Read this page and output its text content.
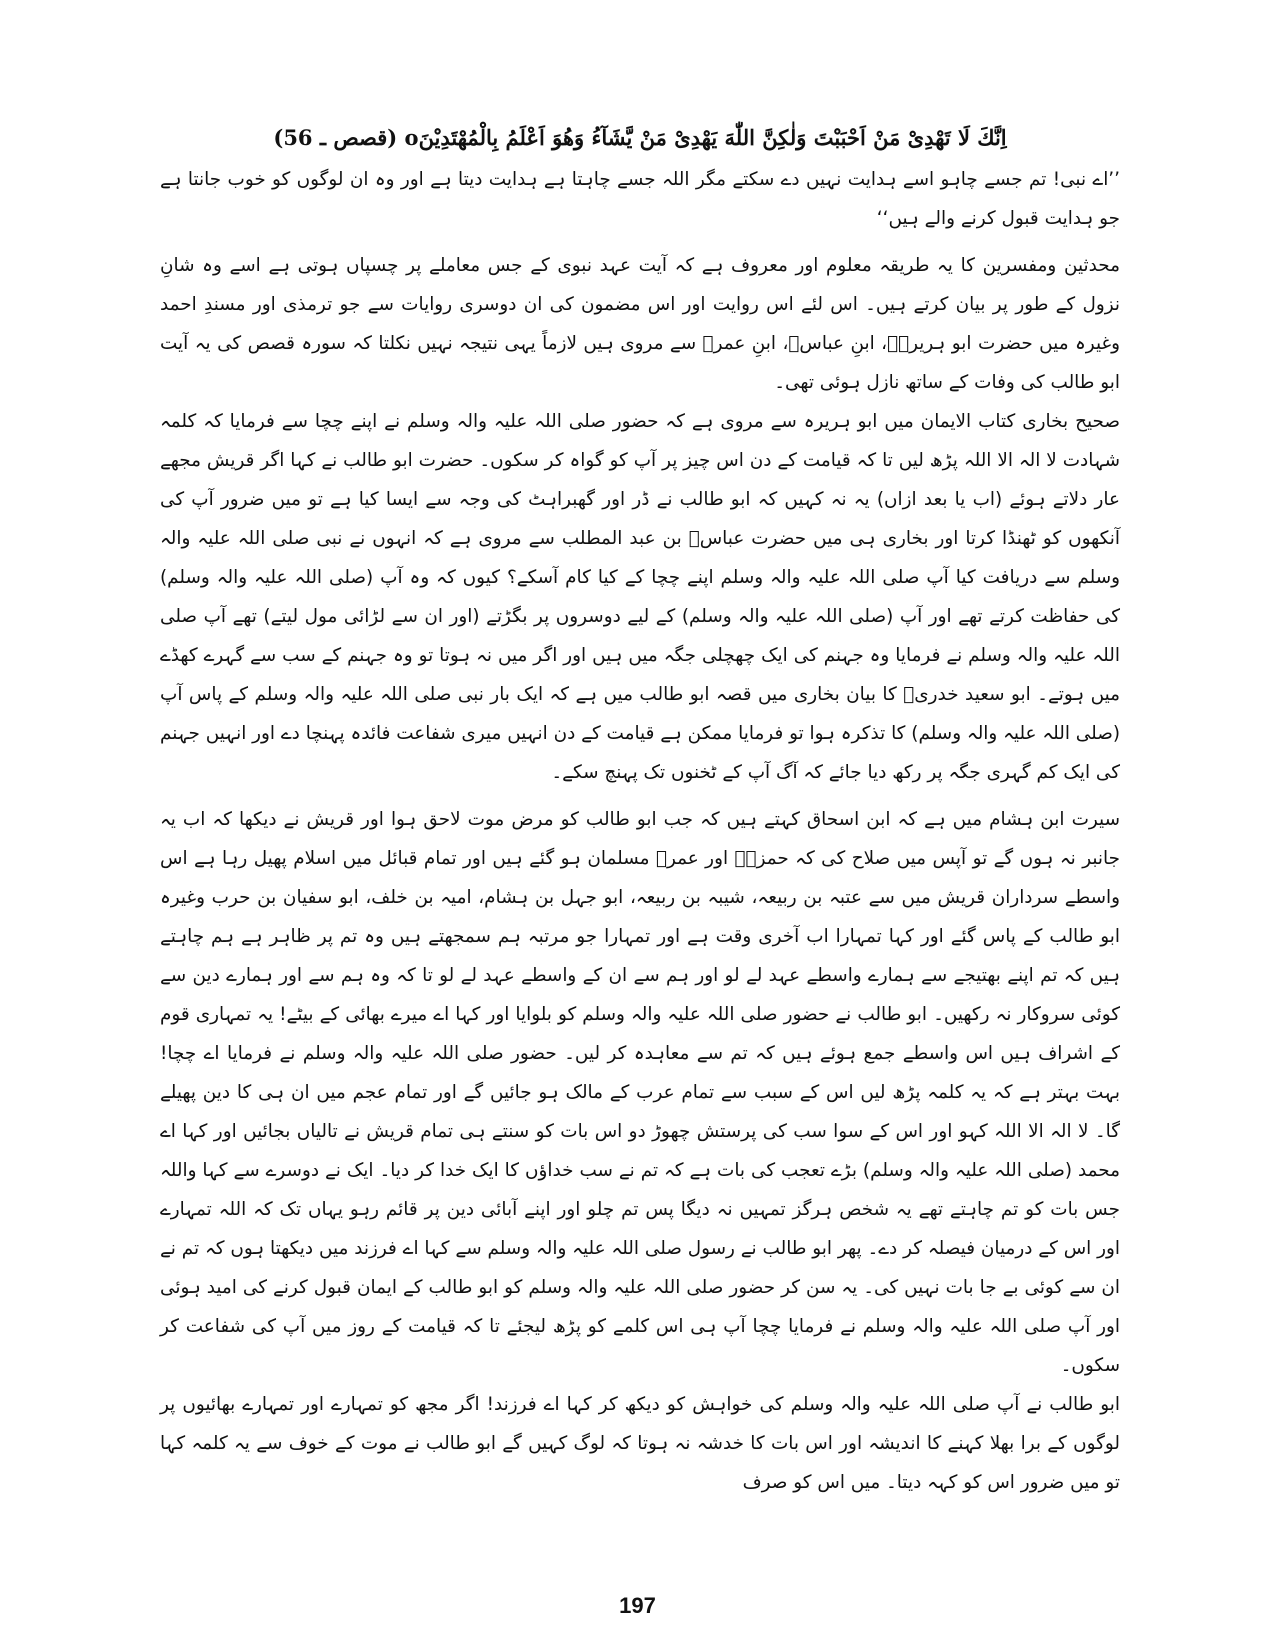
اِنَّكَ لَا تَهْدِىْ مَنْ اَحْبَبْتَ وَلٰكِنَّ اللّٰهَ يَهْدِىْ مَنْ يَّشَآءُ وَهُوَ اَعْلَمُ بِالْمُهْتَدِيْنَo (قصص ـ 56)

’’اے نبی! تم جسے چاہو اسے ہدایت نہیں دے سکتے مگر اللہ جسے چاہتا ہے ہدایت دیتا ہے اور وہ ان لوگوں کو خوب جانتا ہے جو ہدایت قبول کرنے والے ہیں‘‘

محدثین ومفسرین کا یہ طریقہ معلوم اور معروف ہے کہ آیت عہد نبوی کے جس معاملے پر چسپاں ہوتی ہے اسے وہ شانِ نزول کے طور پر بیان کرتے ہیں۔ اس لئے اس روایت اور اس مضمون کی ان دوسری روایات سے جو ترمذی اور مسندِ احمد وغیرہ میں حضرت ابو ہریرہؓ، ابنِ عباسؓ، ابنِ عمرؓ سے مروی ہیں لازماً یہی نتیجہ نہیں نکلتا کہ سورہ قصص کی یہ آیت ابو طالب کی وفات کے ساتھ نازل ہوئی تھی۔

صحیح بخاری کتاب الایمان میں ابو ہریرہ سے مروی ہے کہ حضور صلی اللہ علیہ والہ وسلم نے اپنے چچا سے فرمایا کہ کلمہ شہادت لا الہ الا اللہ پڑھ لیں تا کہ قیامت کے دن اس چیز پر آپ کو گواہ کر سکوں۔ حضرت ابو طالب نے کہا اگر قریش مجھے عار دلاتے ہوئے (اب یا بعد ازاں) یہ نہ کہیں کہ ابو طالب نے ڈر اور گھبراہٹ کی وجہ سے ایسا کیا ہے تو میں ضرور آپ کی آنکھوں کو ٹھنڈا کرتا اور بخاری ہی میں حضرت عباسؓ بن عبد المطلب سے مروی ہے کہ انہوں نے نبی صلی اللہ علیہ والہ وسلم سے دریافت کیا آپ صلی اللہ علیہ والہ وسلم اپنے چچا کے کیا کام آسکے؟ کیوں کہ وہ آپ (صلی اللہ علیہ والہ وسلم) کی حفاظت کرتے تھے اور آپ (صلی اللہ علیہ والہ وسلم) کے لیے دوسروں پر بگڑتے (اور ان سے لڑائی مول لیتے) تھے آپ صلی اللہ علیہ والہ وسلم نے فرمایا وہ جہنم کی ایک چھچلی جگہ میں ہیں اور اگر میں نہ ہوتا تو وہ جہنم کے سب سے گہرے کھڈے میں ہوتے۔ ابو سعید خدریؓ کا بیان بخاری میں قصہ ابو طالب میں ہے کہ ایک بار نبی صلی اللہ علیہ والہ وسلم کے پاس آپ (صلی اللہ علیہ والہ وسلم) کا تذکرہ ہوا تو فرمایا ممکن ہے قیامت کے دن انہیں میری شفاعت فائدہ پہنچا دے اور انہیں جہنم کی ایک کم گہری جگہ پر رکھ دیا جائے کہ آگ آپ کے ٹخنوں تک پہنچ سکے۔

سیرت ابن ہشام میں ہے کہ ابن اسحاق کہتے ہیں کہ جب ابو طالب کو مرض موت لاحق ہوا اور قریش نے دیکھا کہ اب یہ جانبر نہ ہوں گے تو آپس میں صلاح کی کہ حمزہؓ اور عمرؓ مسلمان ہو گئے ہیں اور تمام قبائل میں اسلام پھیل رہا ہے اس واسطے سرداران قریش میں سے عتبہ بن ربیعہ، شیبہ بن ربیعہ، ابو جہل بن ہشام، امیہ بن خلف، ابو سفیان بن حرب وغیرہ ابو طالب کے پاس گئے اور کہا تمہارا اب آخری وقت ہے اور تمہارا جو مرتبہ ہم سمجھتے ہیں وہ تم پر ظاہر ہے ہم چاہتے ہیں کہ تم اپنے بھتیجے سے ہمارے واسطے عہد لے لو اور ہم سے ان کے واسطے عہد لے لو تا کہ وہ ہم سے اور ہمارے دین سے کوئی سروکار نہ رکھیں۔ ابو طالب نے حضور صلی اللہ علیہ والہ وسلم کو بلوایا اور کہا اے میرے بھائی کے بیٹے! یہ تمہاری قوم کے اشراف ہیں اس واسطے جمع ہوئے ہیں کہ تم سے معاہدہ کر لیں۔ حضور صلی اللہ علیہ والہ وسلم نے فرمایا اے چچا! بہت بہتر ہے کہ یہ کلمہ پڑھ لیں اس کے سبب سے تمام عرب کے مالک ہو جائیں گے اور تمام عجم میں ان ہی کا دین پھیلے گا۔ لا الہ الا اللہ کہو اور اس کے سوا سب کی پرستش چھوڑ دو اس بات کو سنتے ہی تمام قریش نے تالیاں بجائیں اور کہا اے محمد (صلی اللہ علیہ والہ وسلم) بڑے تعجب کی بات ہے کہ تم نے سب خداؤں کا ایک خدا کر دیا۔ ایک نے دوسرے سے کہا واللہ جس بات کو تم چاہتے تھے یہ شخص ہرگز تمہیں نہ دیگا پس تم چلو اور اپنے آبائی دین پر قائم رہو یہاں تک کہ اللہ تمہارے اور اس کے درمیان فیصلہ کر دے۔ پھر ابو طالب نے رسول صلی اللہ علیہ والہ وسلم سے کہا اے فرزند میں دیکھتا ہوں کہ تم نے ان سے کوئی بے جا بات نہیں کی۔ یہ سن کر حضور صلی اللہ علیہ والہ وسلم کو ابو طالب کے ایمان قبول کرنے کی امید ہوئی اور آپ صلی اللہ علیہ والہ وسلم نے فرمایا چچا آپ ہی اس کلمے کو پڑھ لیجئے تا کہ قیامت کے روز میں آپ کی شفاعت کر سکوں۔

ابو طالب نے آپ صلی اللہ علیہ والہ وسلم کی خواہش کو دیکھ کر کہا اے فرزند! اگر مجھ کو تمہارے اور تمہارے بھائیوں پر لوگوں کے برا بھلا کہنے کا اندیشہ اور اس بات کا خدشہ نہ ہوتا کہ لوگ کہیں گے ابو طالب نے موت کے خوف سے یہ کلمہ کہا تو میں ضرور اس کو کہہ دیتا۔ میں اس کو صرف

197
